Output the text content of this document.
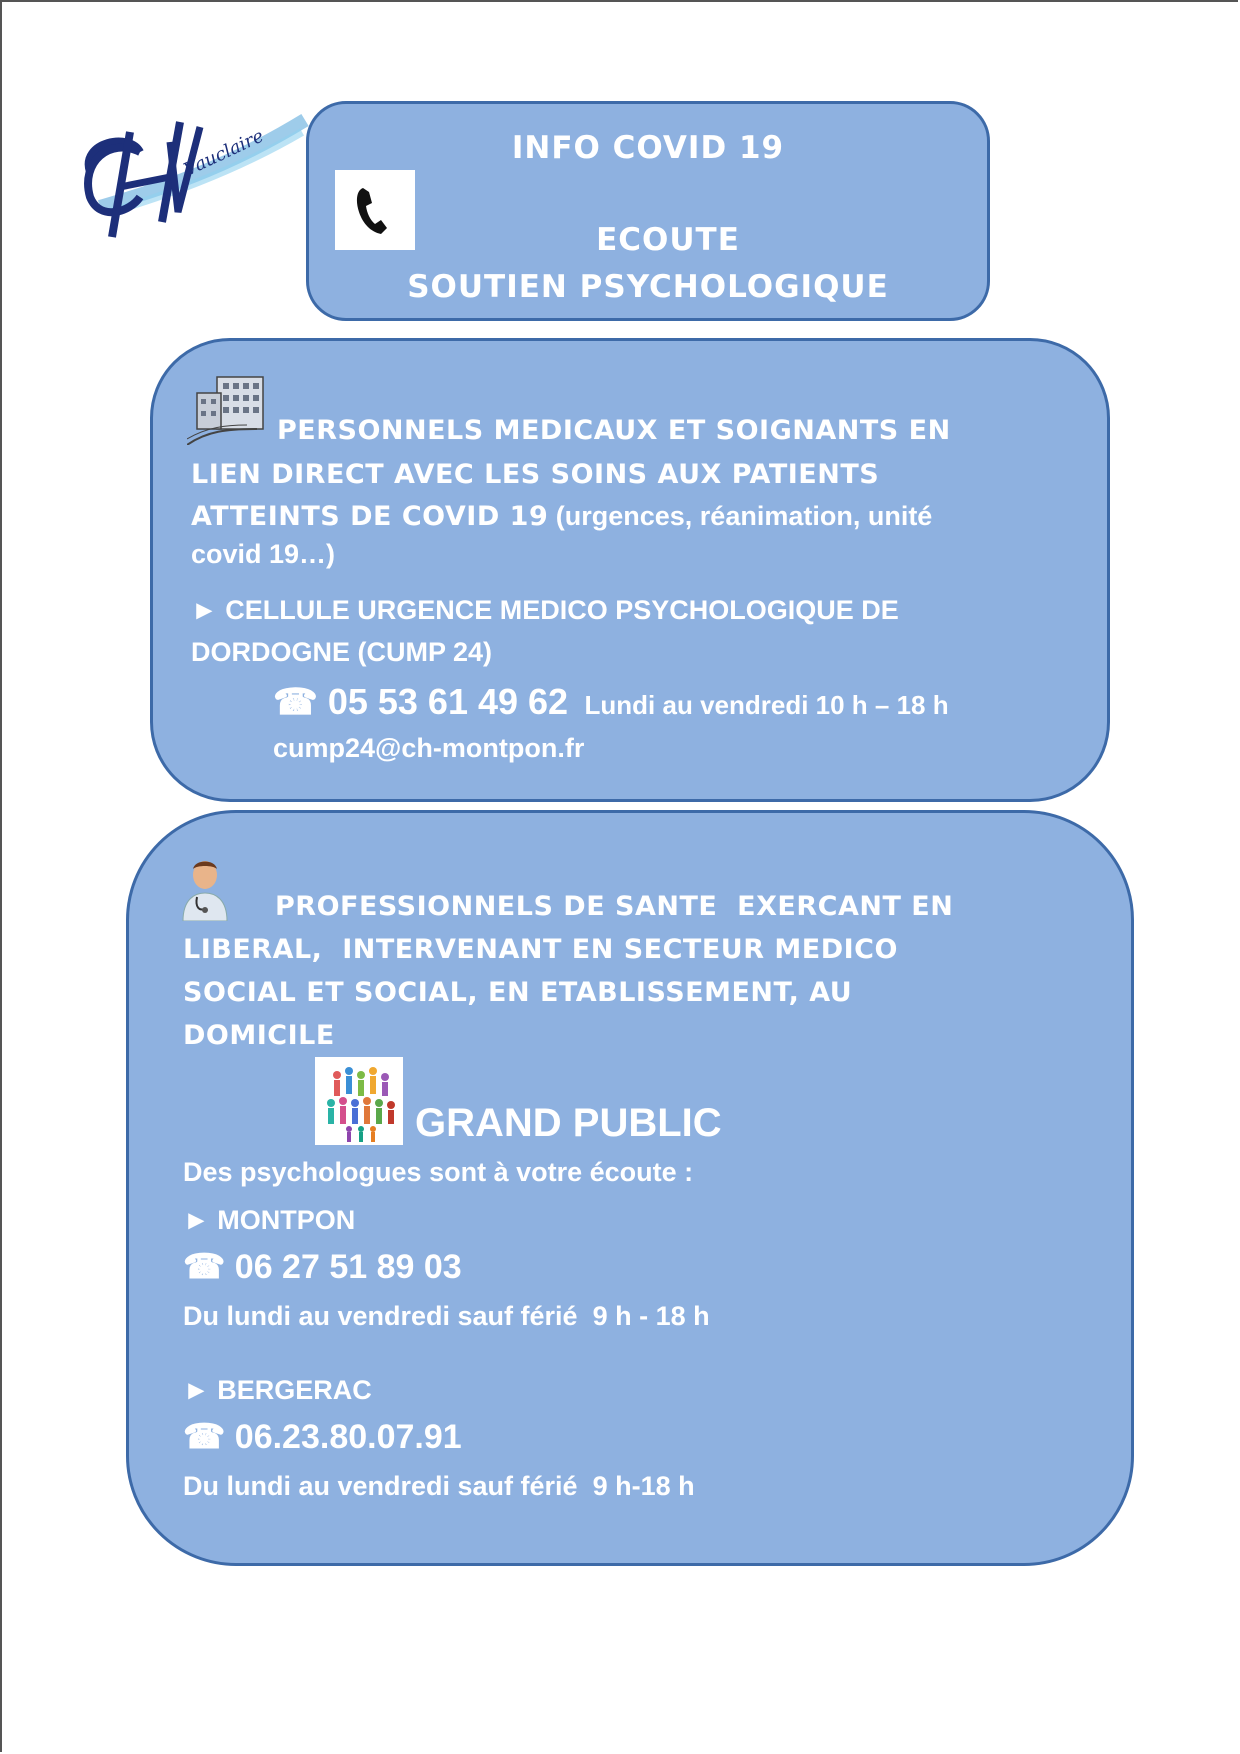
Vauclaire	INFO COVID 19
ECOUTE
SOUTIEN PSYCHOLOGIQUE
PERSONNELS MEDICAUX ET SOIGNANTS EN
LIEN DIRECT AVEC LES SOINS AUX PATIENTS
ATTEINTS DE COVID 19 (urgences, réanimation, unité
covid 19…)
► CELLULE URGENCE MEDICO PSYCHOLOGIQUE DE
DORDOGNE (CUMP 24)
☎ 05 53 61 49 62 Lundi au vendredi 10 h – 18 h
cump24@ch-montpon.fr
PROFESSIONNELS DE SANTE  EXERCANT EN
LIBERAL,  INTERVENANT EN SECTEUR MEDICO
SOCIAL ET SOCIAL, EN ETABLISSEMENT, AU
DOMICILE
GRAND PUBLIC
Des psychologues sont à votre écoute :
► MONTPON
☎ 06 27 51 89 03
Du lundi au vendredi sauf férié  9 h - 18 h
► BERGERAC
☎ 06.23.80.07.91
Du lundi au vendredi sauf férié  9 h-18 h
